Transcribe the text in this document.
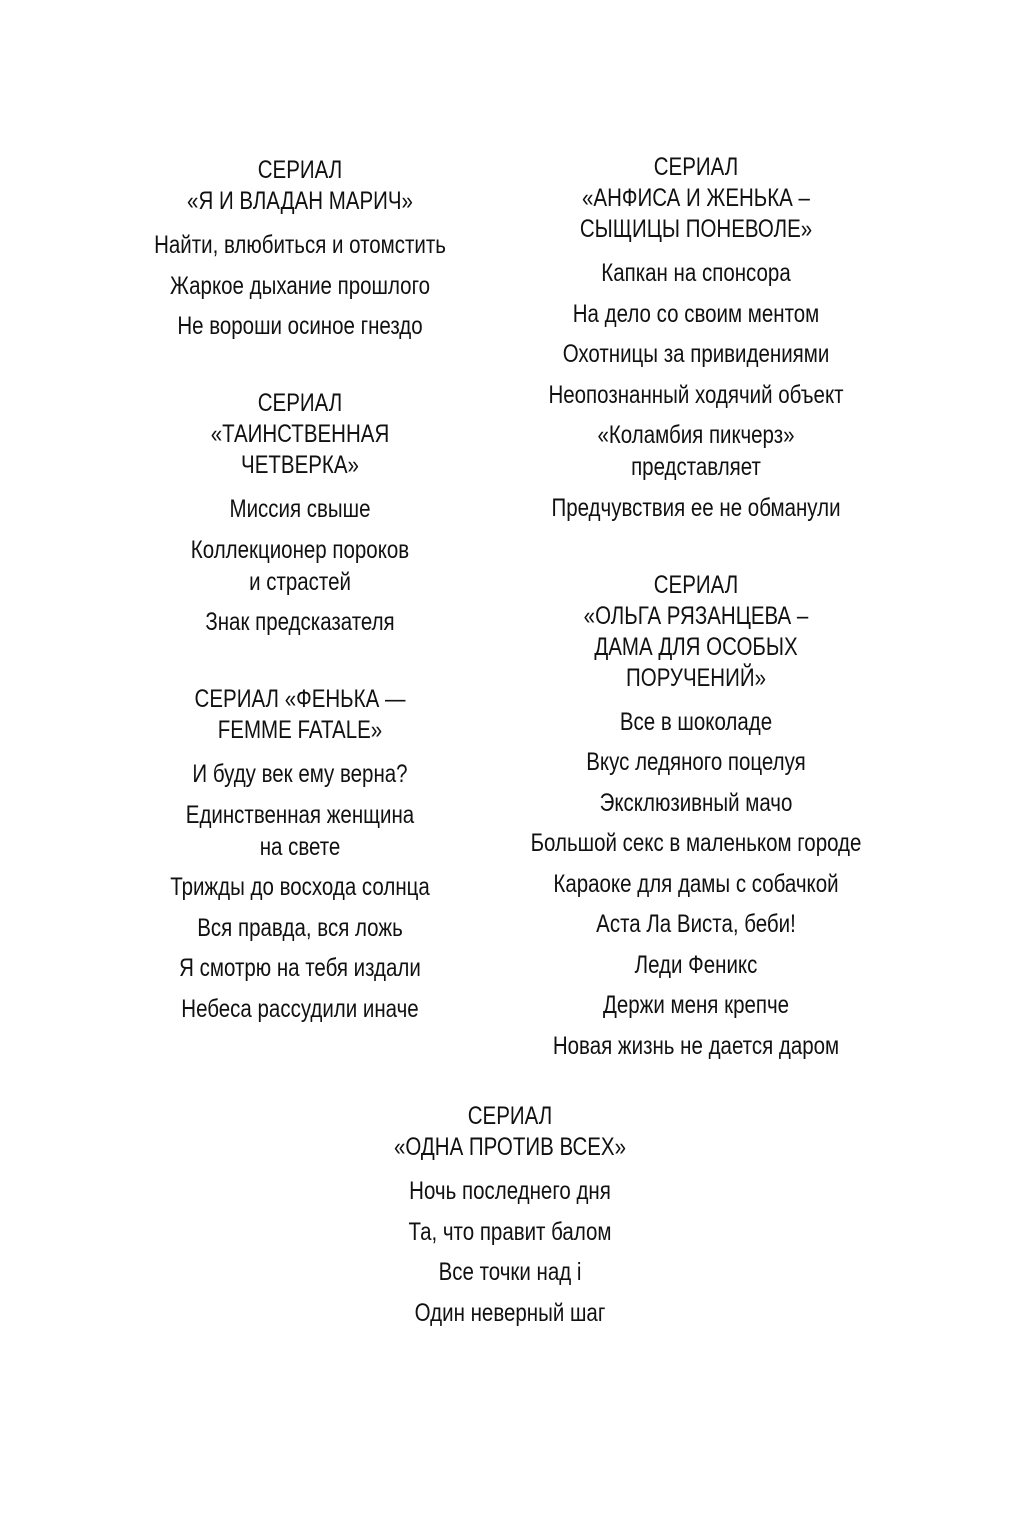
СЕРИАЛ
«Я И ВЛАДАН МАРИЧ»
Найти, влюбиться и отомстить
Жаркое дыхание прошлого
Не вороши осиное гнездо
СЕРИАЛ
«ТАИНСТВЕННАЯ
ЧЕТВЕРКА»
Миссия свыше
Коллекционер пороков
и страстей
Знак предсказателя
СЕРИАЛ «ФЕНЬКА —
FEMME FATALE»
И буду век ему верна?
Единственная женщина
на свете
Трижды до восхода солнца
Вся правда, вся ложь
Я смотрю на тебя издали
Небеса рассудили иначе
СЕРИАЛ
«АНФИСА И ЖЕНЬКА –
СЫЩИЦЫ ПОНЕВОЛЕ»
Капкан на спонсора
На дело со своим ментом
Охотницы за привидениями
Неопознанный ходячий объект
«Коламбия пикчерз»
представляет
Предчувствия ее не обманули
СЕРИАЛ
«ОЛЬГА РЯЗАНЦЕВА –
ДАМА ДЛЯ ОСОБЫХ
ПОРУЧЕНИЙ»
Все в шоколаде
Вкус ледяного поцелуя
Эксклюзивный мачо
Большой секс в маленьком городе
Караоке для дамы с собачкой
Аста Ла Виста, беби!
Леди Феникс
Держи меня крепче
Новая жизнь не дается даром
СЕРИАЛ
«ОДНА ПРОТИВ ВСЕХ»
Ночь последнего дня
Та, что правит балом
Все точки над i
Один неверный шаг
